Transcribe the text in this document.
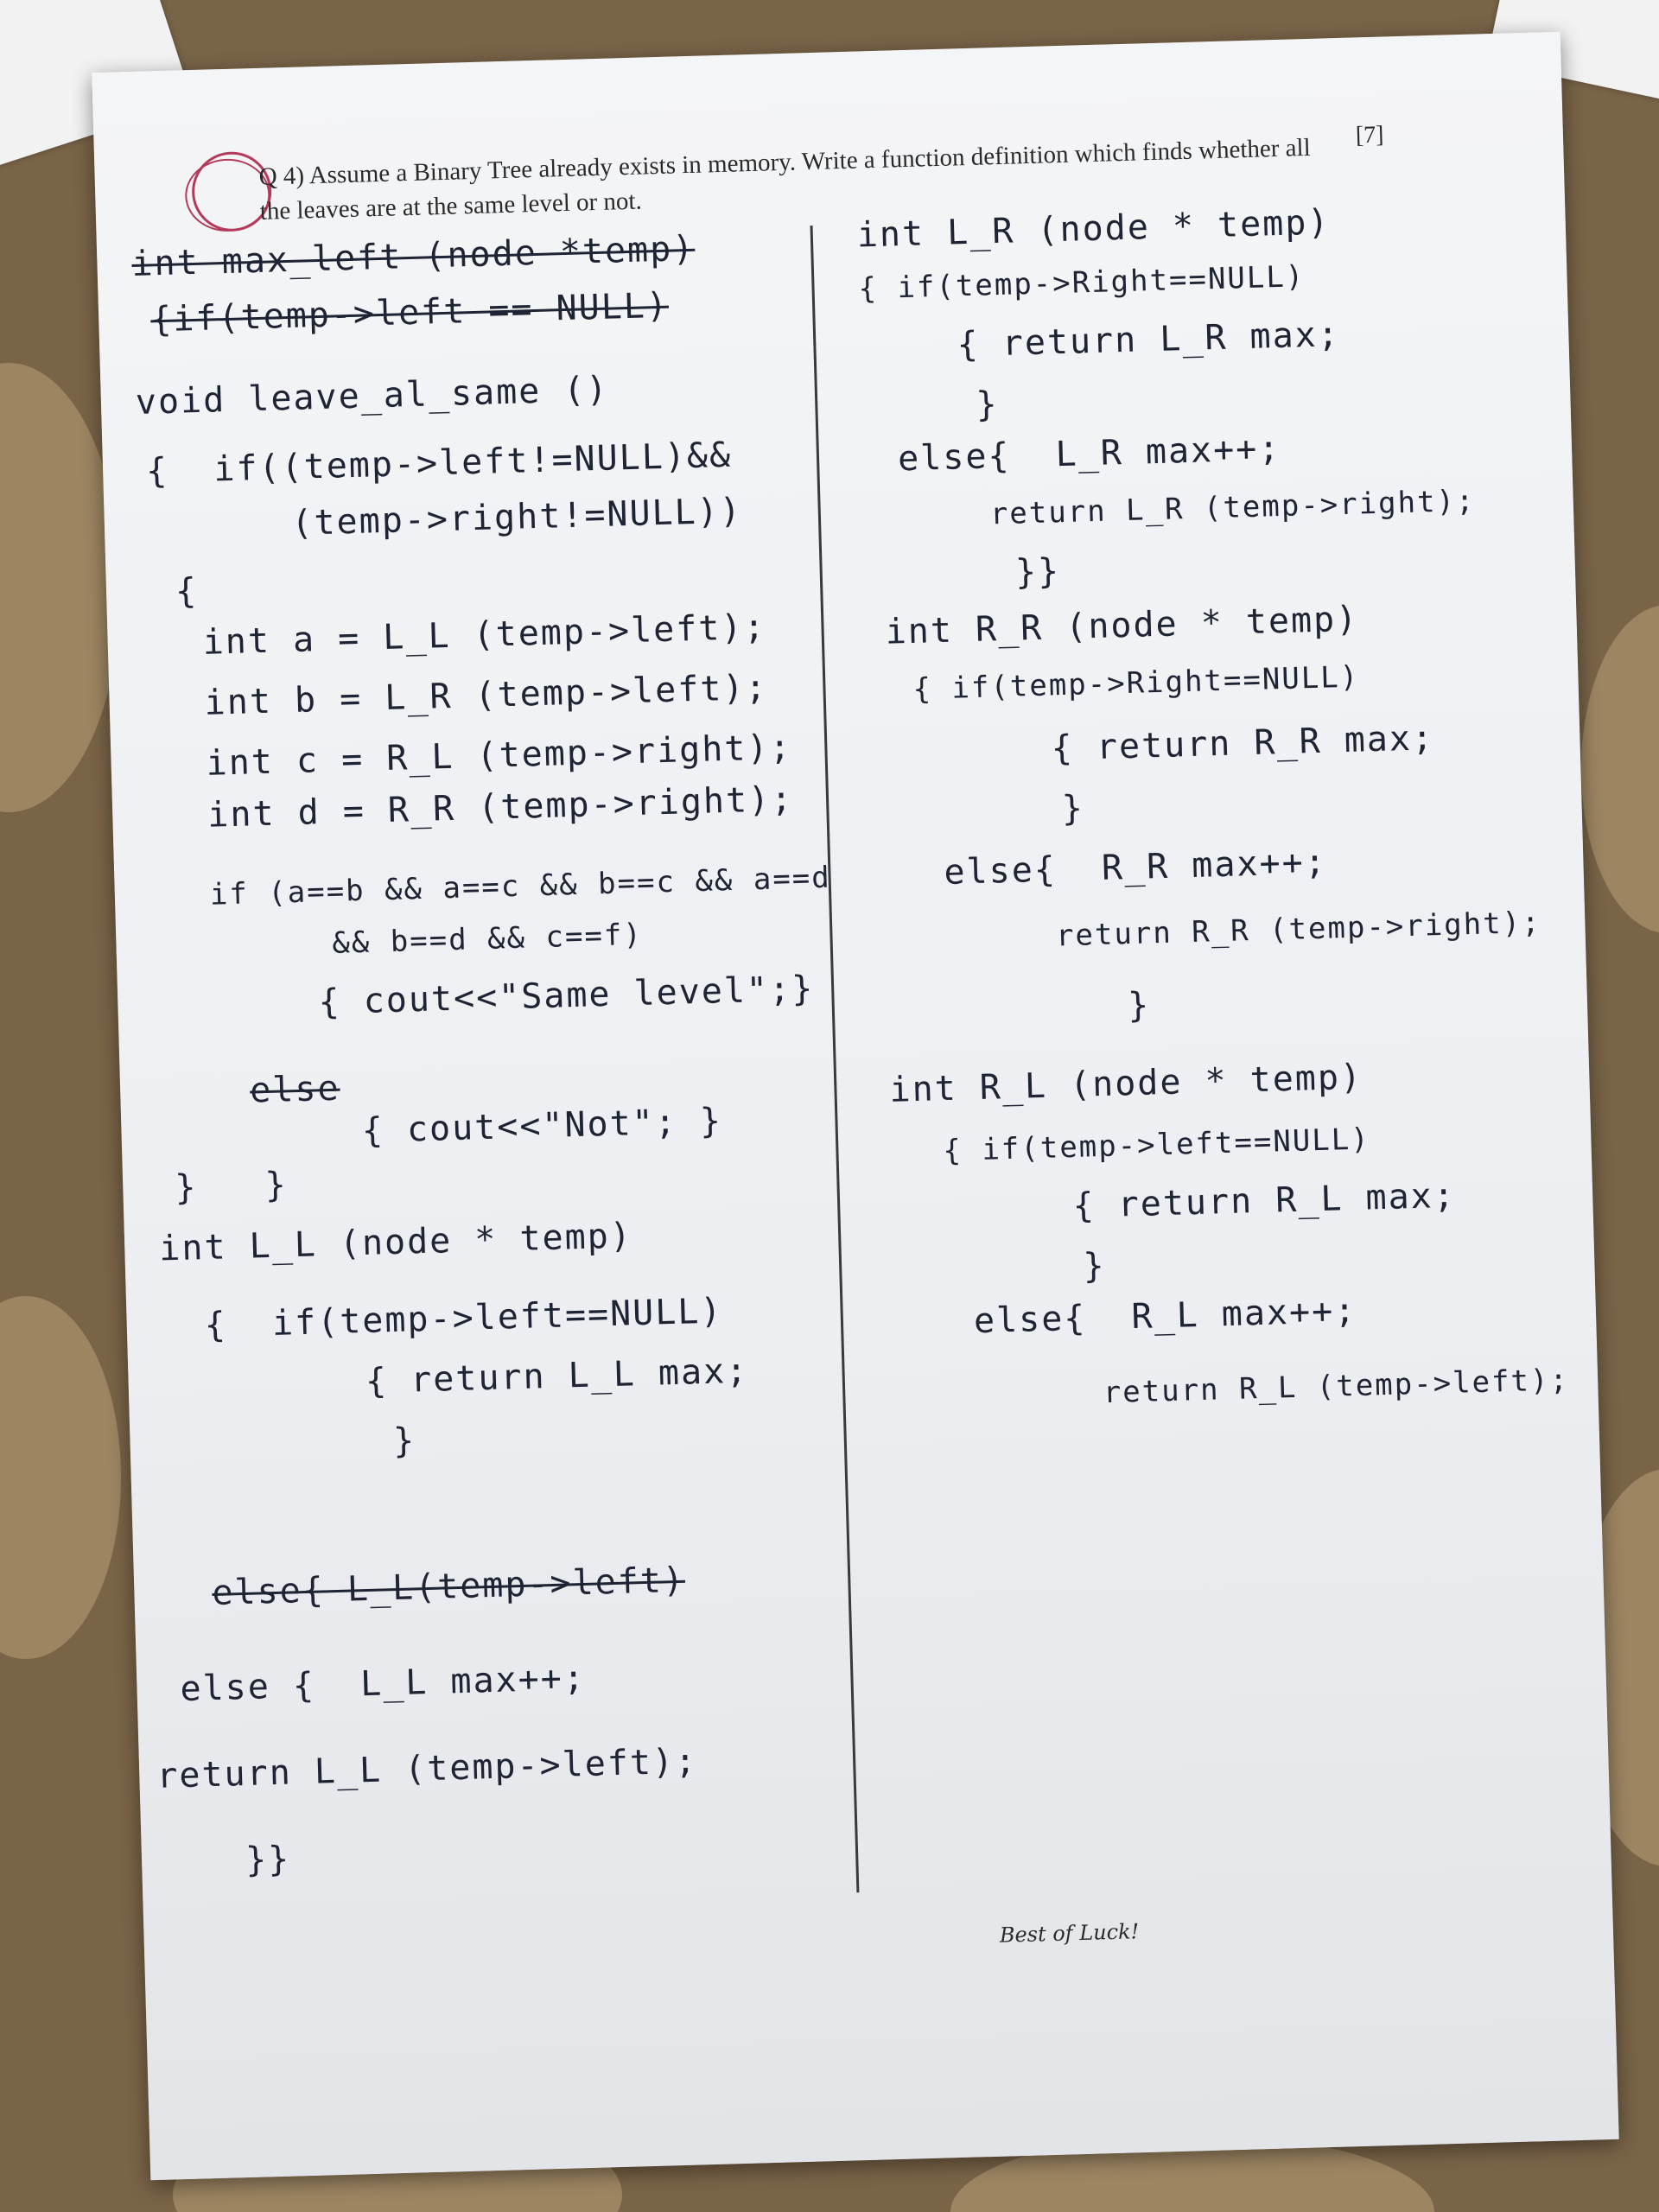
Q 4) Assume a Binary Tree already exists in memory. Write a function definition which finds whether all
the leaves are at the same level or not.
[7]
int max_left (node *temp)
{if(temp->left == NULL)
void leave_al_same ()
{  if((temp->left!=NULL)&&
(temp->right!=NULL))
{
int a = L_L (temp->left);
int b = L_R (temp->left);
int c = R_L (temp->right);
int d = R_R (temp->right);
if (a==b && a==c && b==c && a==d
&& b==d && c==f)
{ cout<<"Same level";}
else
{ cout<<"Not"; }
}   }
int L_L (node * temp)
{  if(temp->left==NULL)
{ return L_L max;
}
else{ L_L(temp->left)
else {  L_L max++;
return L_L (temp->left);
}}
int L_R (node * temp)
{ if(temp->Right==NULL)
{ return L_R max;
}
else{  L_R max++;
return L_R (temp->right);
}}
int R_R (node * temp)
{ if(temp->Right==NULL)
{ return R_R max;
}
else{  R_R max++;
return R_R (temp->right);
}
int R_L (node * temp)
{ if(temp->left==NULL)
{ return R_L max;
}
else{  R_L max++;
return R_L (temp->left);
Best of Luck!
